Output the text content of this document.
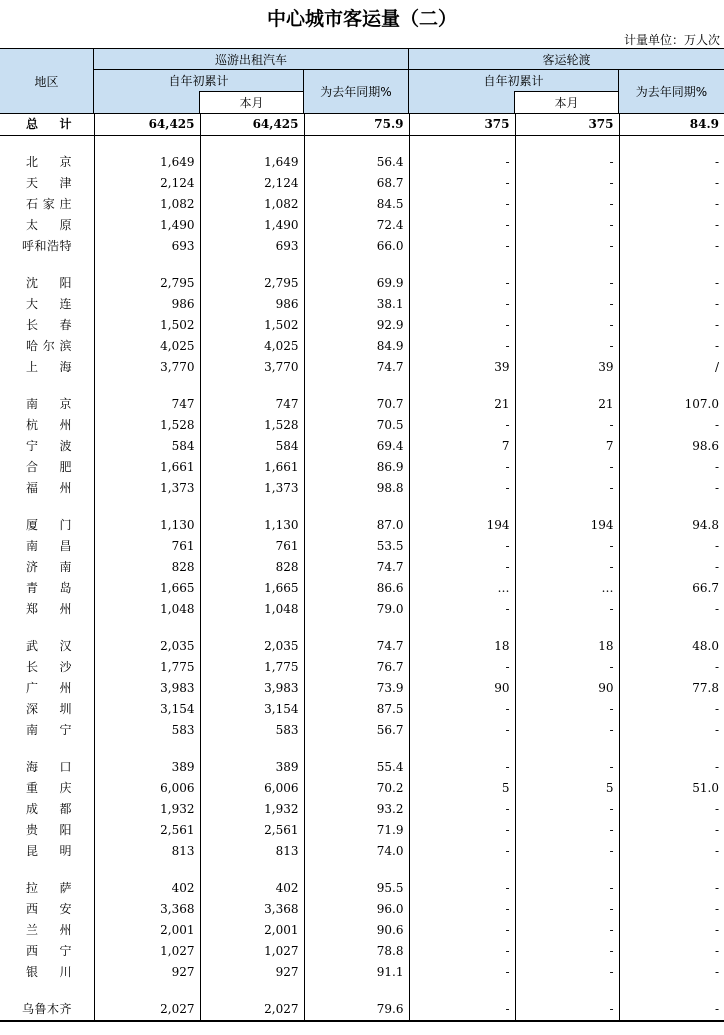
中心城市客运量（二）
计量单位：万人次
地区
巡游出租汽车	客运轮渡
自年初累计
本月
为去年同期%
自年初累计
本月
为去年同期%
总　计	64,425	64,425	75.9	375	375	84.9

北京	1,649	1,649	56.4	-	-	-
天津	2,124	2,124	68.7	-	-	-
石家庄	1,082	1,082	84.5	-	-	-
太原	1,490	1,490	72.4	-	-	-
呼和浩特	693	693	66.0	-	-	-

沈阳	2,795	2,795	69.9	-	-	-
大连	986	986	38.1	-	-	-
长春	1,502	1,502	92.9	-	-	-
哈尔滨	4,025	4,025	84.9	-	-	-
上海	3,770	3,770	74.7	39	39	/

南京	747	747	70.7	21	21	107.0
杭州	1,528	1,528	70.5	-	-	-
宁波	584	584	69.4	7	7	98.6
合肥	1,661	1,661	86.9	-	-	-
福州	1,373	1,373	98.8	-	-	-

厦门	1,130	1,130	87.0	194	194	94.8
南昌	761	761	53.5	-	-	-
济南	828	828	74.7	-	-	-
青岛	1,665	1,665	86.6	…	…	66.7
郑州	1,048	1,048	79.0	-	-	-

武汉	2,035	2,035	74.7	18	18	48.0
长沙	1,775	1,775	76.7	-	-	-
广州	3,983	3,983	73.9	90	90	77.8
深圳	3,154	3,154	87.5	-	-	-
南宁	583	583	56.7	-	-	-

海口	389	389	55.4	-	-	-
重庆	6,006	6,006	70.2	5	5	51.0
成都	1,932	1,932	93.2	-	-	-
贵阳	2,561	2,561	71.9	-	-	-
昆明	813	813	74.0	-	-	-

拉萨	402	402	95.5	-	-	-
西安	3,368	3,368	96.0	-	-	-
兰州	2,001	2,001	90.6	-	-	-
西宁	1,027	1,027	78.8	-	-	-
银川	927	927	91.1	-	-	-

乌鲁木齐	2,027	2,027	79.6	-	-	-
